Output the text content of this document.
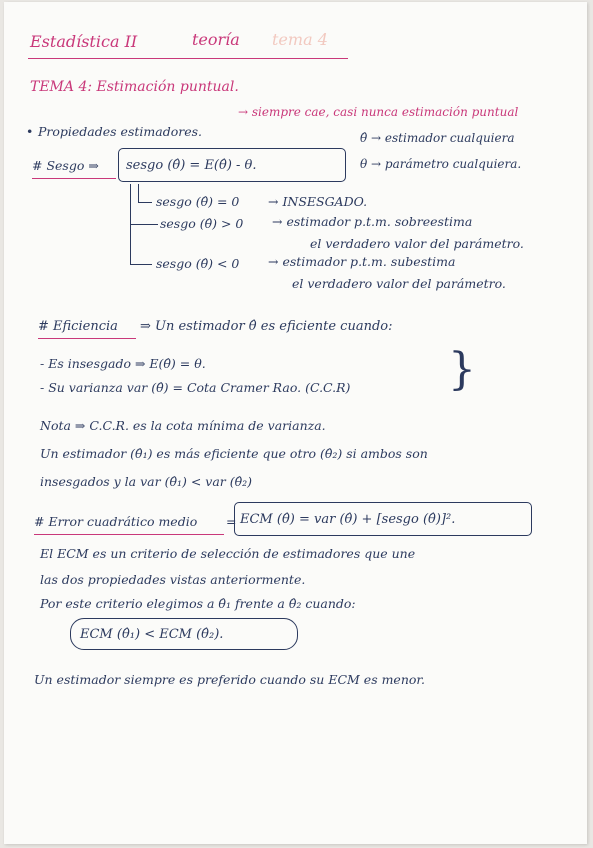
Estadística II	teoría tema 4
TEMA 4: Estimación puntual.
• Propiedades estimadores.
→ siempre cae, casi nunca estimación puntual
θ̂ → estimador cualquiera
θ → parámetro cualquiera.
# Sesgo ⇒ sesgo (θ̂) = E(θ̂) - θ.
sesgo (θ̂) = 0 → INSESGADO.
sesgo (θ̂) > 0 → estimador p.t.m. sobreestima
el verdadero valor del parámetro.
sesgo (θ̂) < 0 → estimador p.t.m. subestima
el verdadero valor del parámetro.
# Eficiencia ⇒ Un estimador θ̂ es eficiente cuando:
- Es insesgado ⇒ E(θ̂) = θ.
- Su varianza var (θ̂) = Cota Cramer Rao. (C.C.R) }
Nota ⇒ C.C.R. es la cota mínima de varianza.
Un estimador (θ̂₁) es más eficiente que otro (θ̂₂) si ambos son
insesgados y la var (θ̂₁) < var (θ̂₂)
# Error cuadrático medio = ECM (θ̂) = var (θ̂) + [sesgo (θ̂)]².
El ECM es un criterio de selección de estimadores que une
las dos propiedades vistas anteriormente.
Por este criterio elegimos a θ̂₁ frente a θ̂₂ cuando:
ECM (θ̂₁) < ECM (θ̂₂).
Un estimador siempre es preferido cuando su ECM es menor.
